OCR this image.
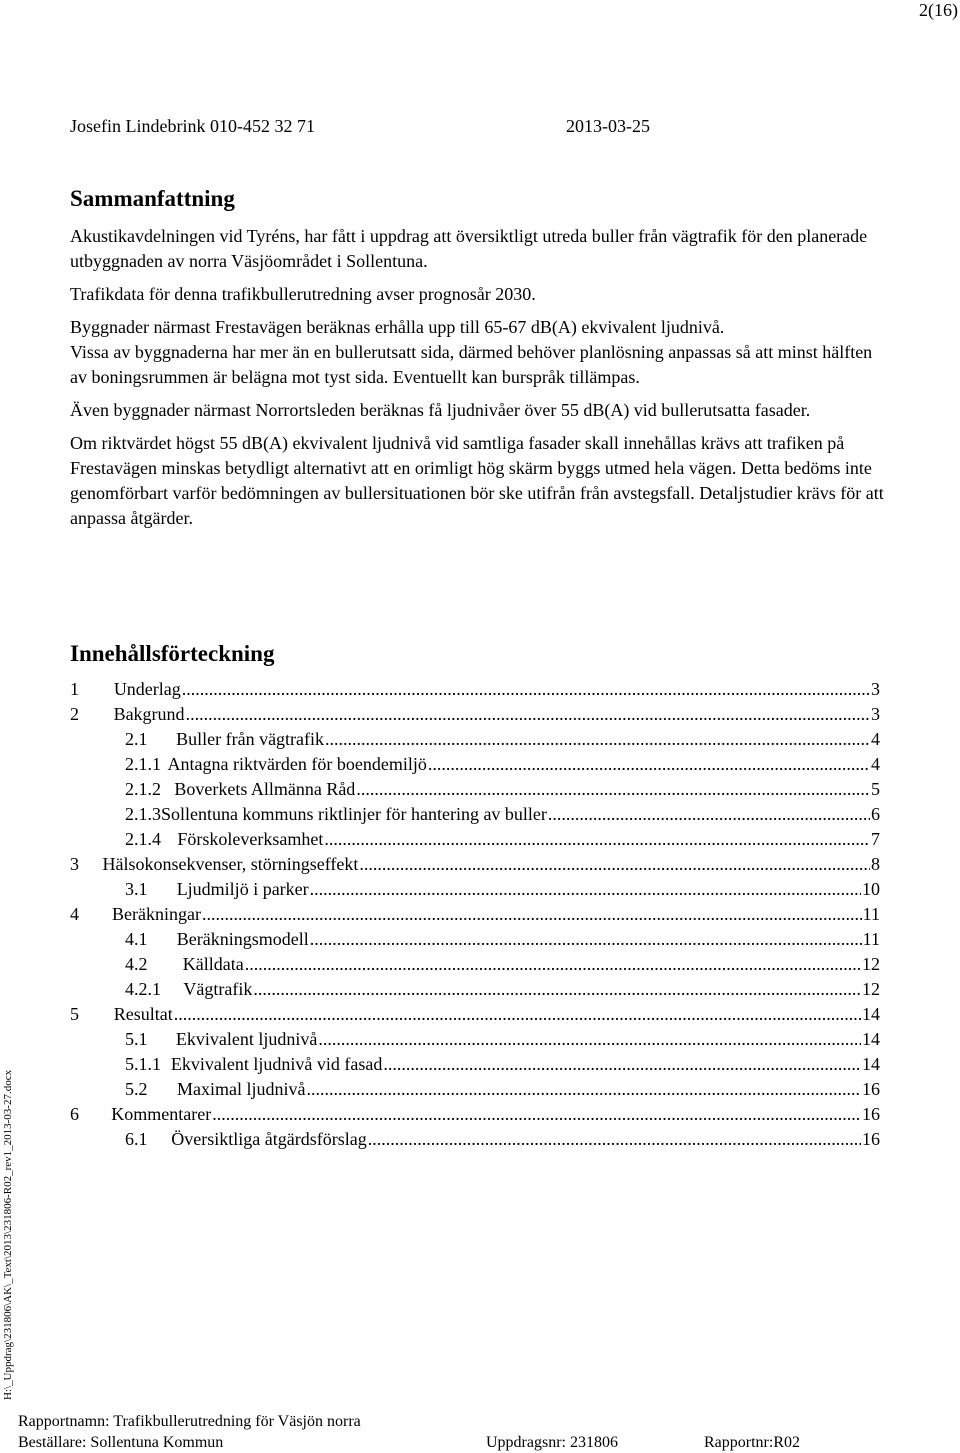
2(16)
Josefin Lindebrink 010-452 32 71	2013-03-25
Sammanfattning

Akustikavdelningen vid Tyréns, har fått i uppdrag att översiktligt utreda buller från vägtrafik för den planerade utbyggnaden av norra Väsjöområdet i Sollentuna.

Trafikdata för denna trafikbullerutredning avser prognosår 2030.

Byggnader närmast Frestavägen beräknas erhålla upp till 65-67 dB(A) ekvivalent ljudnivå.

Vissa av byggnaderna har mer än en bullerutsatt sida, därmed behöver planlösning anpassas så att minst hälften av boningsrummen är belägna mot tyst sida. Eventuellt kan burspråk tillämpas.

Även byggnader närmast Norrortsleden beräknas få ljudnivåer över 55 dB(A) vid bullerutsatta fasader.

Om riktvärdet högst 55 dB(A) ekvivalent ljudnivå vid samtliga fasader skall innehållas krävs att trafiken på Frestavägen minskas betydligt alternativt att en orimligt hög skärm byggs utmed hela vägen. Detta bedöms inte genomförbart varför bedömningen av bullersituationen bör ske utifrån från avstegsfall. Detaljstudier krävs för att anpassa åtgärder.

Innehållsförteckning
1	Underlag .....	3
2	Bakgrund .....	3
2.1	Buller från vägtrafik .....	4
2.1.1 Antagna riktvärden för boendemiljö .....	4
2.1.2 Boverkets Allmänna Råd .....	5
2.1.3 Sollentuna kommuns riktlinjer för hantering av buller .....	6
2.1.4 Förskoleverksamhet .....	7
3	Hälsokonsekvenser, störningseffekt .....	8
3.1	Ljudmiljö i parker .....	10
4	Beräkningar .....	11
4.1	Beräkningsmodell .....	11
4.2	Källdata .....	12
4.2.1	Vägtrafik .....	12
5	Resultat .....	14
5.1	Ekvivalent ljudnivå .....	14
5.1.1 Ekvivalent ljudnivå vid fasad .....	14
5.2	Maximal ljudnivå .....	16
6	Kommentarer .....	16
6.1	Översiktliga åtgärdsförslag .....	16
H:\_Uppdrag\231806\AK\_Text\2013\231806-R02_rev1_2013-03-27.docx
Rapportnamn: Trafikbullerutredning för Väsjön norra
Beställare: Sollentuna Kommun	Uppdragsnr: 231806	Rapportnr:R02
